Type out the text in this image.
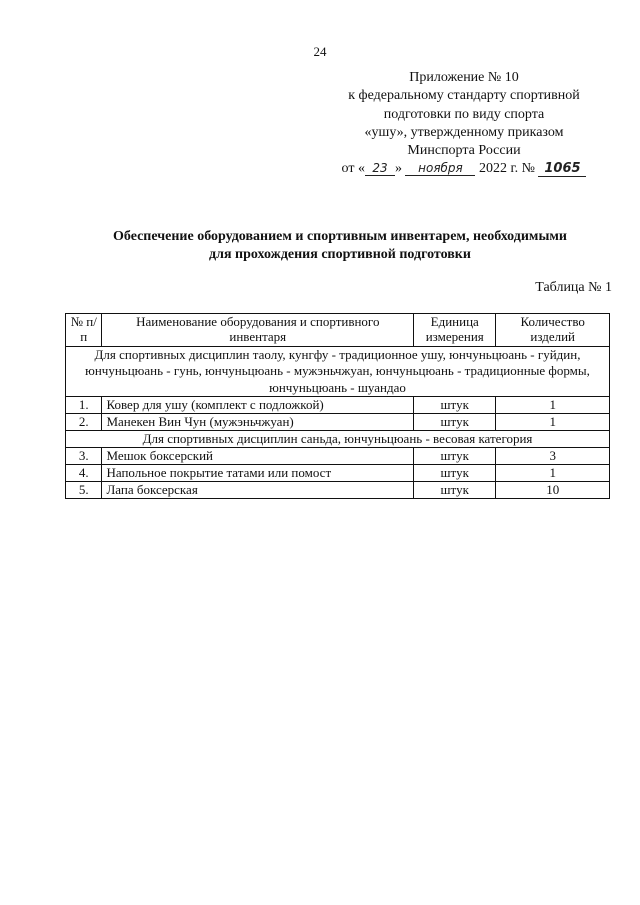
24
Приложение № 10
к федеральному стандарту спортивной
подготовки по виду спорта
«ушу», утвержденному приказом
Минспорта России
от « 23 » ноября 2022 г. № 1065
Обеспечение оборудованием и спортивным инвентарем, необходимыми
для прохождения спортивной подготовки
Таблица № 1
№ п/п	Наименование оборудования и спортивного инвентаря	Единица измерения	Количество изделий
Для спортивных дисциплин таолу, кунгфу - традиционное ушу, юнчуньцюань - гуйдин, юнчуньцюань - гунь, юнчуньцюань - мужэньчжуан, юнчуньцюань - традиционные формы, юнчуньцюань - шуандао			
1.	Ковер для ушу (комплект с подложкой)	штук	1
2.	Манекен Вин Чун (мужэньчжуан)	штук	1
Для спортивных дисциплин саньда, юнчуньцюань - весовая категория			
3.	Мешок боксерский	штук	3
4.	Напольное покрытие татами или помост	штук	1
5.	Лапа боксерская	штук	10
